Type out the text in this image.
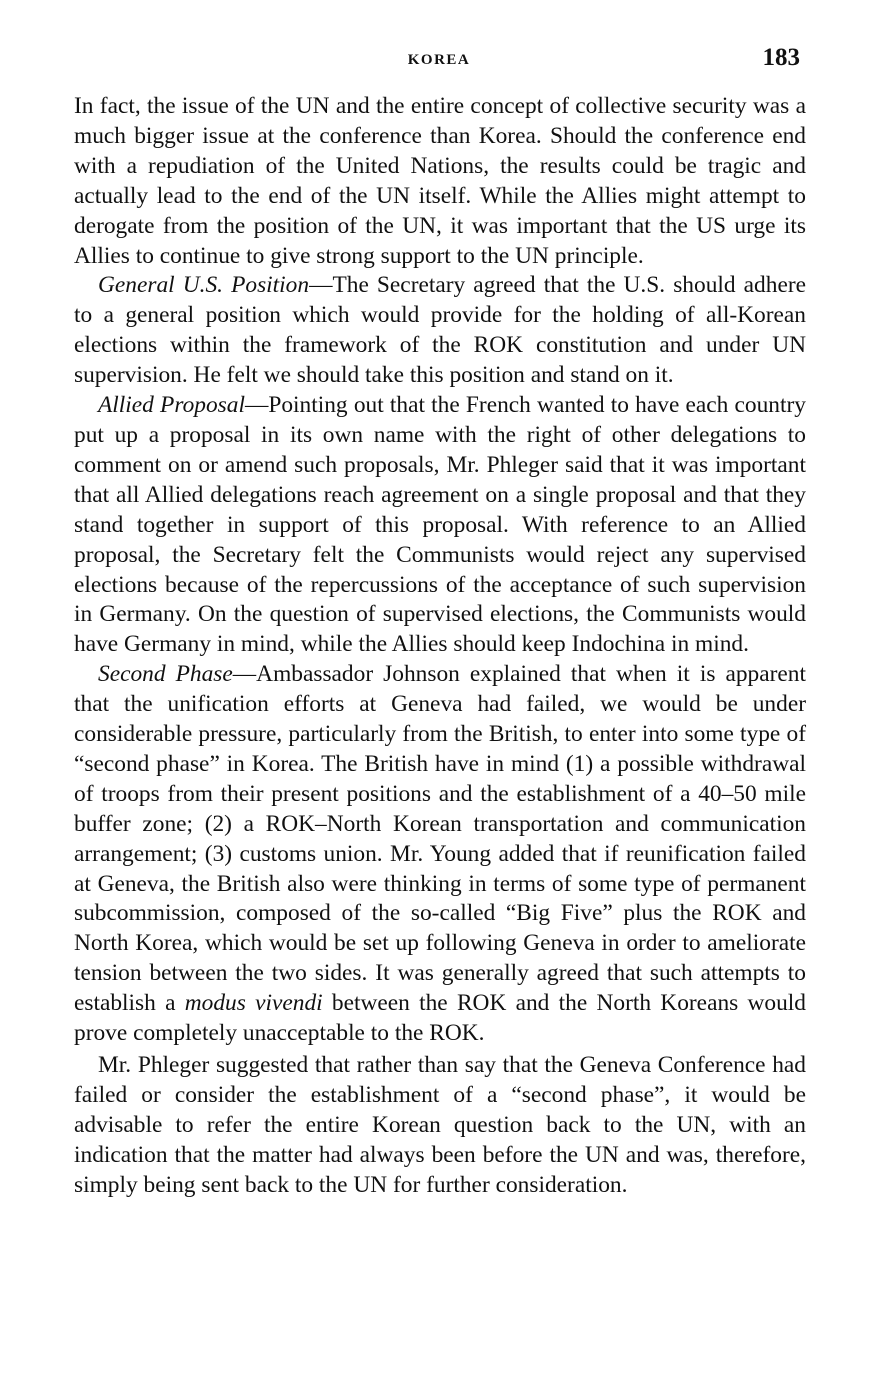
KOREA	183

In fact, the issue of the UN and the entire concept of collective security was a much bigger issue at the conference than Korea. Should the conference end with a repudiation of the United Nations, the results could be tragic and actually lead to the end of the UN itself. While the Allies might attempt to derogate from the position of the UN, it was important that the US urge its Allies to continue to give strong support to the UN principle.

General U.S. Position—The Secretary agreed that the U.S. should adhere to a general position which would provide for the holding of all-Korean elections within the framework of the ROK constitution and under UN supervision. He felt we should take this position and stand on it.

Allied Proposal—Pointing out that the French wanted to have each country put up a proposal in its own name with the right of other delegations to comment on or amend such proposals, Mr. Phleger said that it was important that all Allied delegations reach agreement on a single proposal and that they stand together in support of this proposal. With reference to an Allied proposal, the Secretary felt the Communists would reject any supervised elections because of the repercussions of the acceptance of such supervision in Germany. On the question of supervised elections, the Communists would have Germany in mind, while the Allies should keep Indochina in mind.

Second Phase—Ambassador Johnson explained that when it is apparent that the unification efforts at Geneva had failed, we would be under considerable pressure, particularly from the British, to enter into some type of “second phase” in Korea. The British have in mind (1) a possible withdrawal of troops from their present positions and the establishment of a 40–50 mile buffer zone; (2) a ROK–North Korean transportation and communication arrangement; (3) customs union. Mr. Young added that if reunification failed at Geneva, the British also were thinking in terms of some type of permanent subcommission, composed of the so-called “Big Five” plus the ROK and North Korea, which would be set up following Geneva in order to ameliorate tension between the two sides. It was generally agreed that such attempts to establish a modus vivendi between the ROK and the North Koreans would prove completely unacceptable to the ROK.

Mr. Phleger suggested that rather than say that the Geneva Conference had failed or consider the establishment of a “second phase”, it would be advisable to refer the entire Korean question back to the UN, with an indication that the matter had always been before the UN and was, therefore, simply being sent back to the UN for further consideration.
